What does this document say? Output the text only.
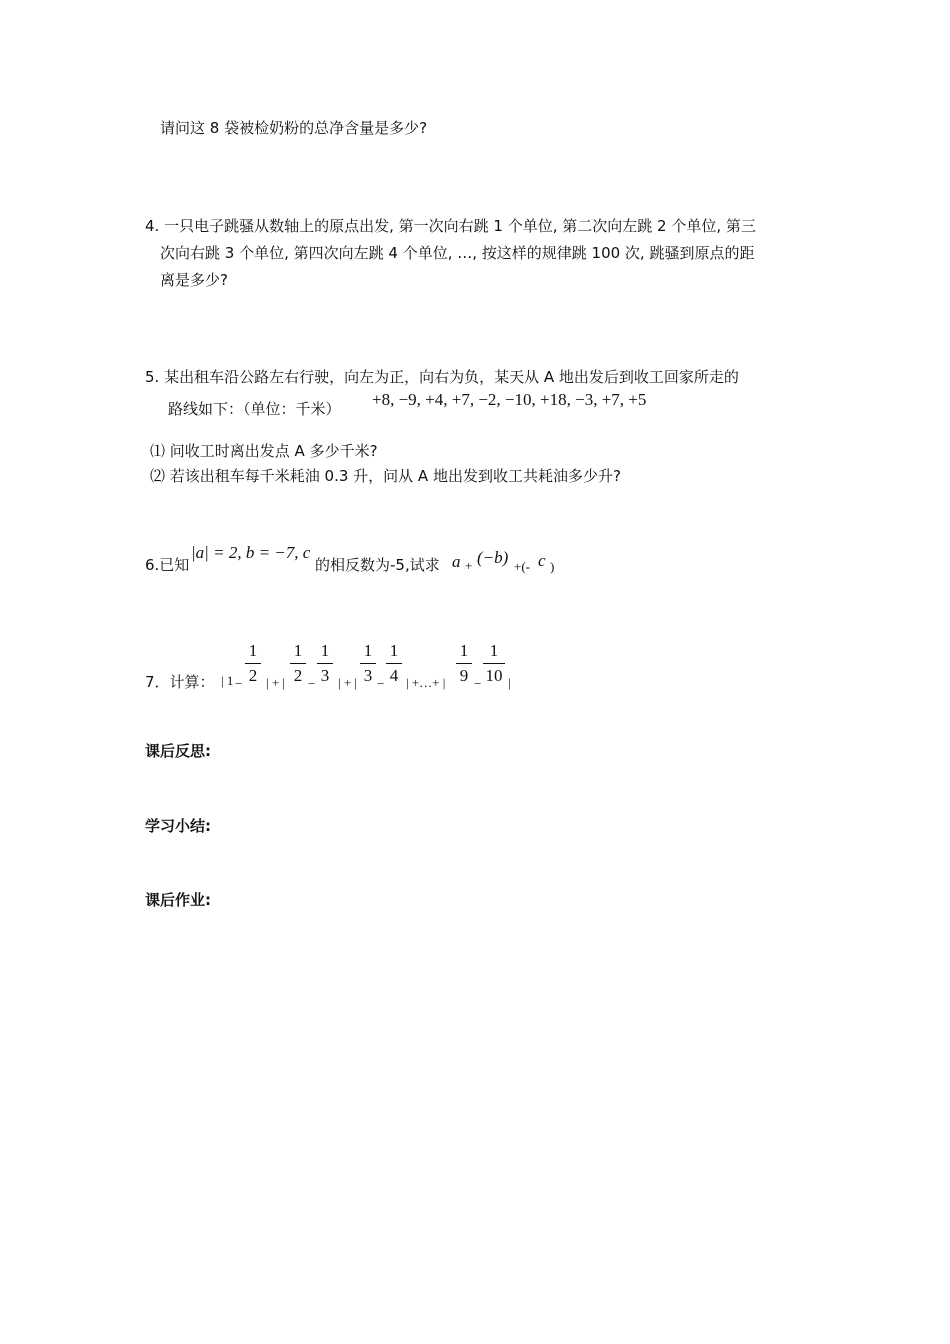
请问这 8 袋被检奶粉的总净含量是多少?
4. 一只电子跳骚从数轴上的原点出发, 第一次向右跳 1 个单位, 第二次向左跳 2 个单位, 第三
次向右跳 3 个单位, 第四次向左跳 4 个单位, …, 按这样的规律跳 100 次, 跳骚到原点的距
离是多少?
5. 某出租车沿公路左右行驶，向左为正，向右为负，某天从 A 地出发后到收工回家所走的
路线如下：（单位：千米） +8, −9, +4, +7, −2, −10, +18, −3, +7, +5
⑴ 问收工时离出发点 A 多少千米?
⑵ 若该出租车每千米耗油 0.3 升，问从 A 地出发到收工共耗油多少升?
6.已知
|a| = 2, b = −7, c
的相反数为-5,试求 a + (−b) +(- c )
7．计算： | 1 −
1
2 | + |
1
2 −
1
3 | + |
1
3 −
1
4 | +…+ |
1
9 −
1
10 |
课后反思:
学习小结:
课后作业:
